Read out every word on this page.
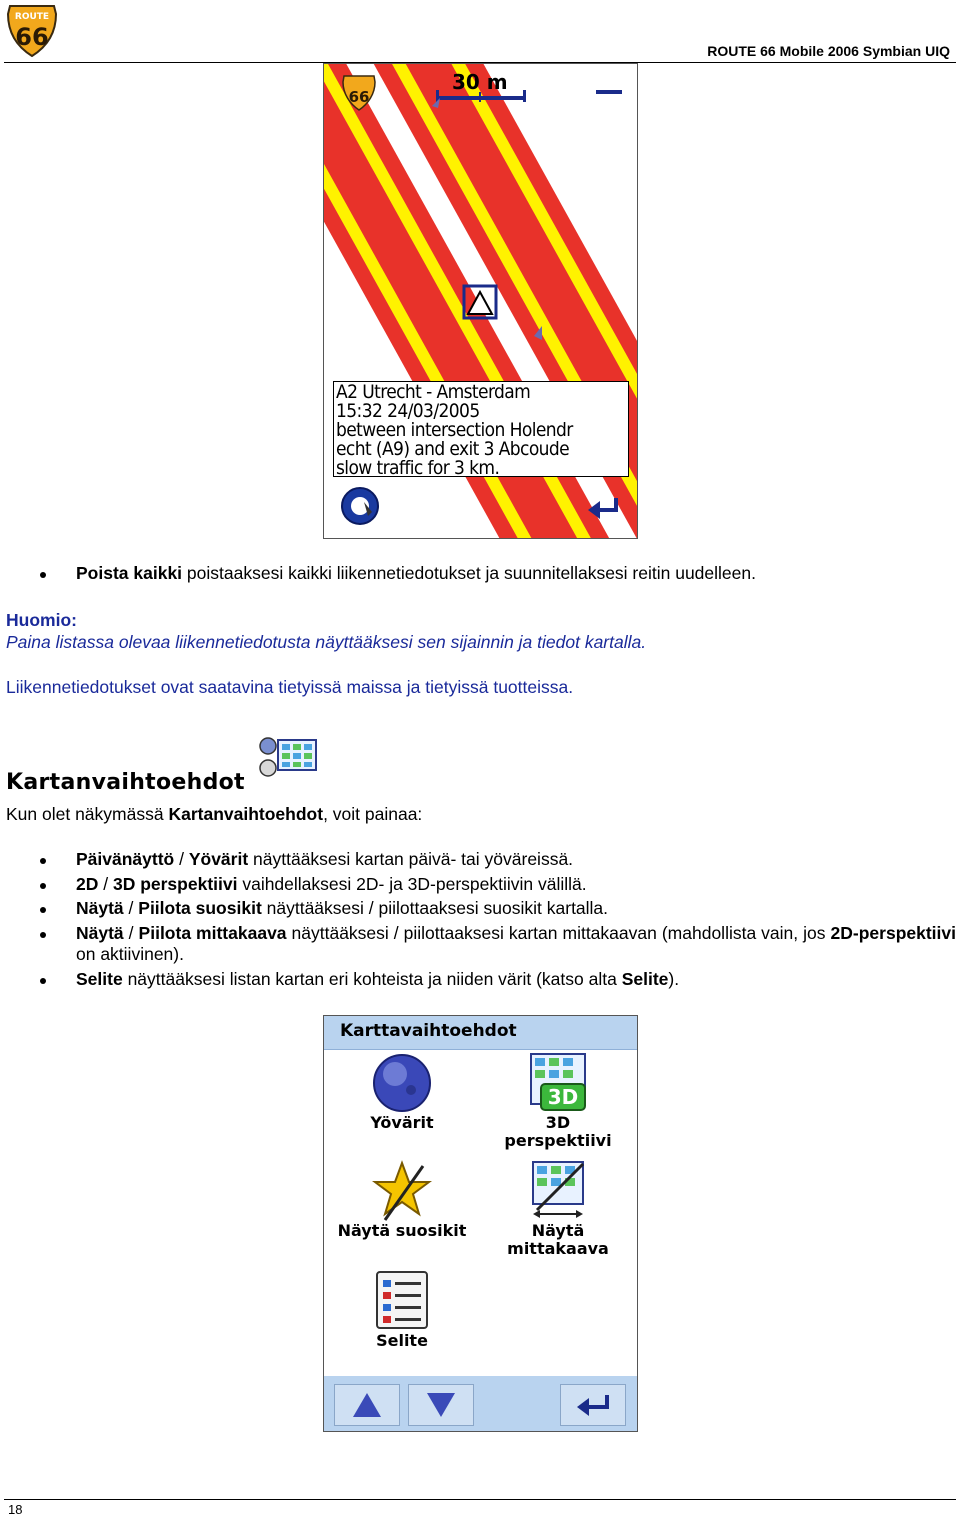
ROUTE
66	ROUTE 66 Mobile 2006 Symbian UIQ
66
30 m
A2 Utrecht - Amsterdam
15:32 24/03/2005
between intersection Holendr
echt (A9) and exit 3 Abcoude
slow traffic for 3 km.
Poista kaikki poistaaksesi kaikki liikennetiedotukset ja suunnitellaksesi reitin uudelleen.
Huomio:
Paina listassa olevaa liikennetiedotusta näyttääksesi sen sijainnin ja tiedot kartalla.
Liikennetiedotukset ovat saatavina tietyissä maissa ja tietyissä tuotteissa.
Kartanvaihtoehdot
Kun olet näkymässä Kartanvaihtoehdot, voit painaa:
Päivänäyttö / Yövärit näyttääksesi kartan päivä- tai yöväreissä.
2D / 3D perspektiivi vaihdellaksesi 2D- ja 3D-perspektiivin välillä.
Näytä / Piilota suosikit näyttääksesi / piilottaaksesi suosikit kartalla.
Näytä / Piilota mittakaava näyttääksesi / piilottaaksesi kartan mittakaavan (mahdollista vain, jos 2D-perspektiivi on aktiivinen).
Selite näyttääksesi listan kartan eri kohteista ja niiden värit (katso alta Selite).
Karttavaihtoehdot
Yövärit
3D
3D perspektiivi
Näytä suosikit	Näytä
mittakaava
Selite
18
